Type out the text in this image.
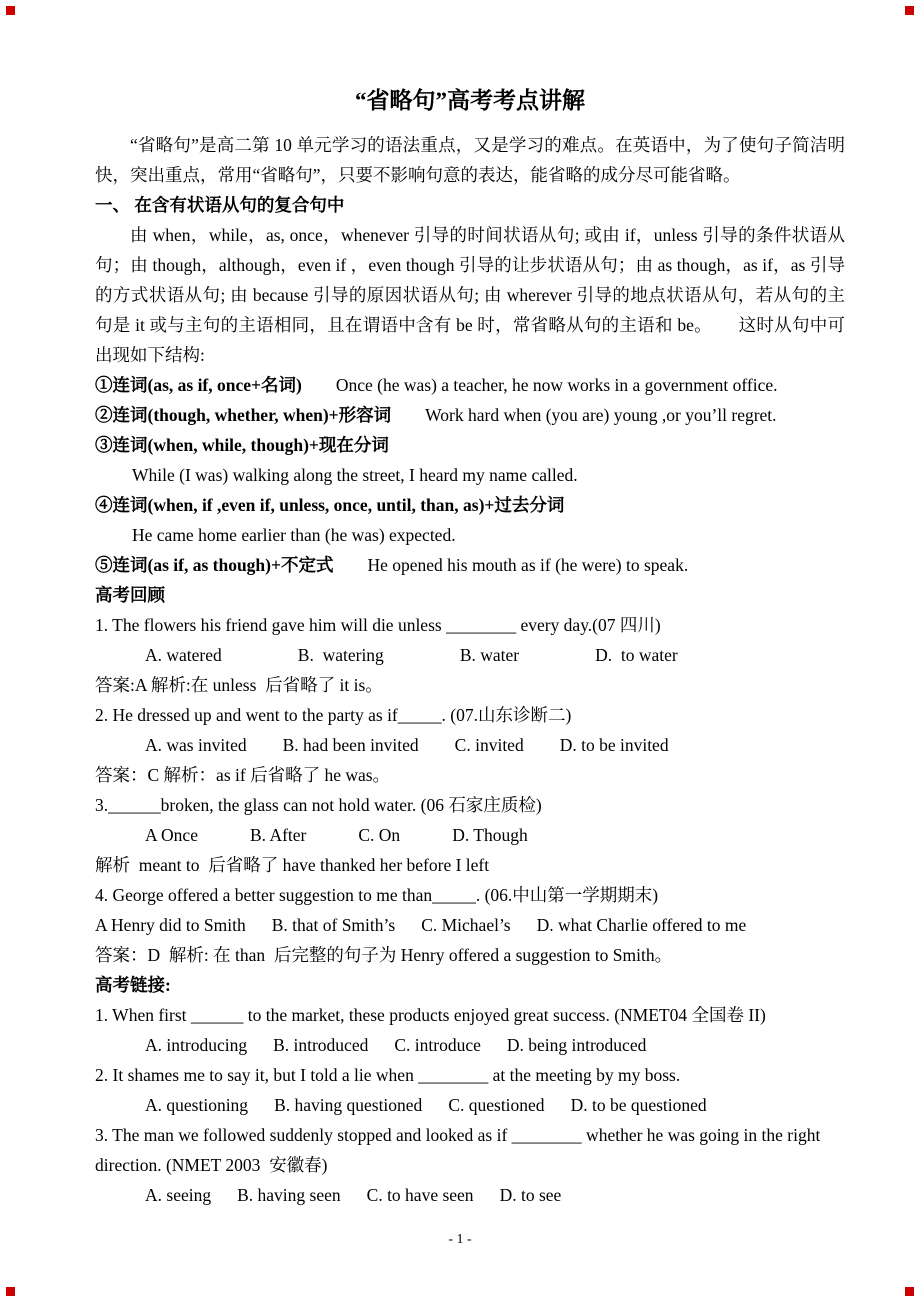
“省略句”高考考点讲解

“省略句”是高二第 10 单元学习的语法重点，又是学习的难点。在英语中，为了使句子简洁明快，突出重点，常用“省略句”，只要不影响句意的表达，能省略的成分尽可能省略。

一、 在含有状语从句的复合句中

由 when，while，as, once，whenever 引导的时间状语从句; 或由 if，unless 引导的条件状语从句；由 though，although，even if ，even though 引导的让步状语从句；由 as though，as if，as 引导的方式状语从句; 由 because 引导的原因状语从句; 由 wherever 引导的地点状语从句，若从句的主句是 it 或与主句的主语相同，且在谓语中含有 be 时，常省略从句的主语和 be。　　这时从句中可出现如下结构:

①连词(as, as if, once+名词) Once (he was) a teacher, he now works in a government office.
②连词(though, whether, when)+形容词 Work hard when (you are) young ,or you’ll regret.
③连词(when, while, though)+现在分词
While (I was) walking along the street, I heard my name called.
④连词(when, if ,even if, unless, once, until, than, as)+过去分词
He came home earlier than (he was) expected.
⑤连词(as if, as though)+不定式 He opened his mouth as if (he were) to speak.
高考回顾
1. The flowers his friend gave him will die unless ________ every day.(07 四川)
A. watered	B.  watering	B. water	D.  to water
答案:A 解析:在 unless  后省略了 it is。
2. He dressed up and went to the party as if_____. (07.山东诊断二)
A. was invited B. had been invited C. invited D. to be invited
答案：C 解析：as if 后省略了 he was。
3.______broken, the glass can not hold water. (06 石家庄质检)
A Once	B. After	C. On	D. Though
解析  meant to  后省略了 have thanked her before I left
4. George offered a better suggestion to me than_____. (06.中山第一学期期末)
A Henry did to Smith B. that of Smith’s C. Michael’s D. what Charlie offered to me
答案：D  解析: 在 than  后完整的句子为 Henry offered a suggestion to Smith。
高考链接:
1. When first ______ to the market, these products enjoyed great success. (NMET04 全国卷 II)
A. introducing B. introduced C. introduce D. being introduced
2. It shames me to say it, but I told a lie when ________ at the meeting by my boss.
A. questioning B. having questioned C. questioned D. to be questioned
3. The man we followed suddenly stopped and looked as if ________ whether he was going in the right direction. (NMET 2003  安徽春)
A. seeing B. having seen C. to have seen D. to see
- 1 -
